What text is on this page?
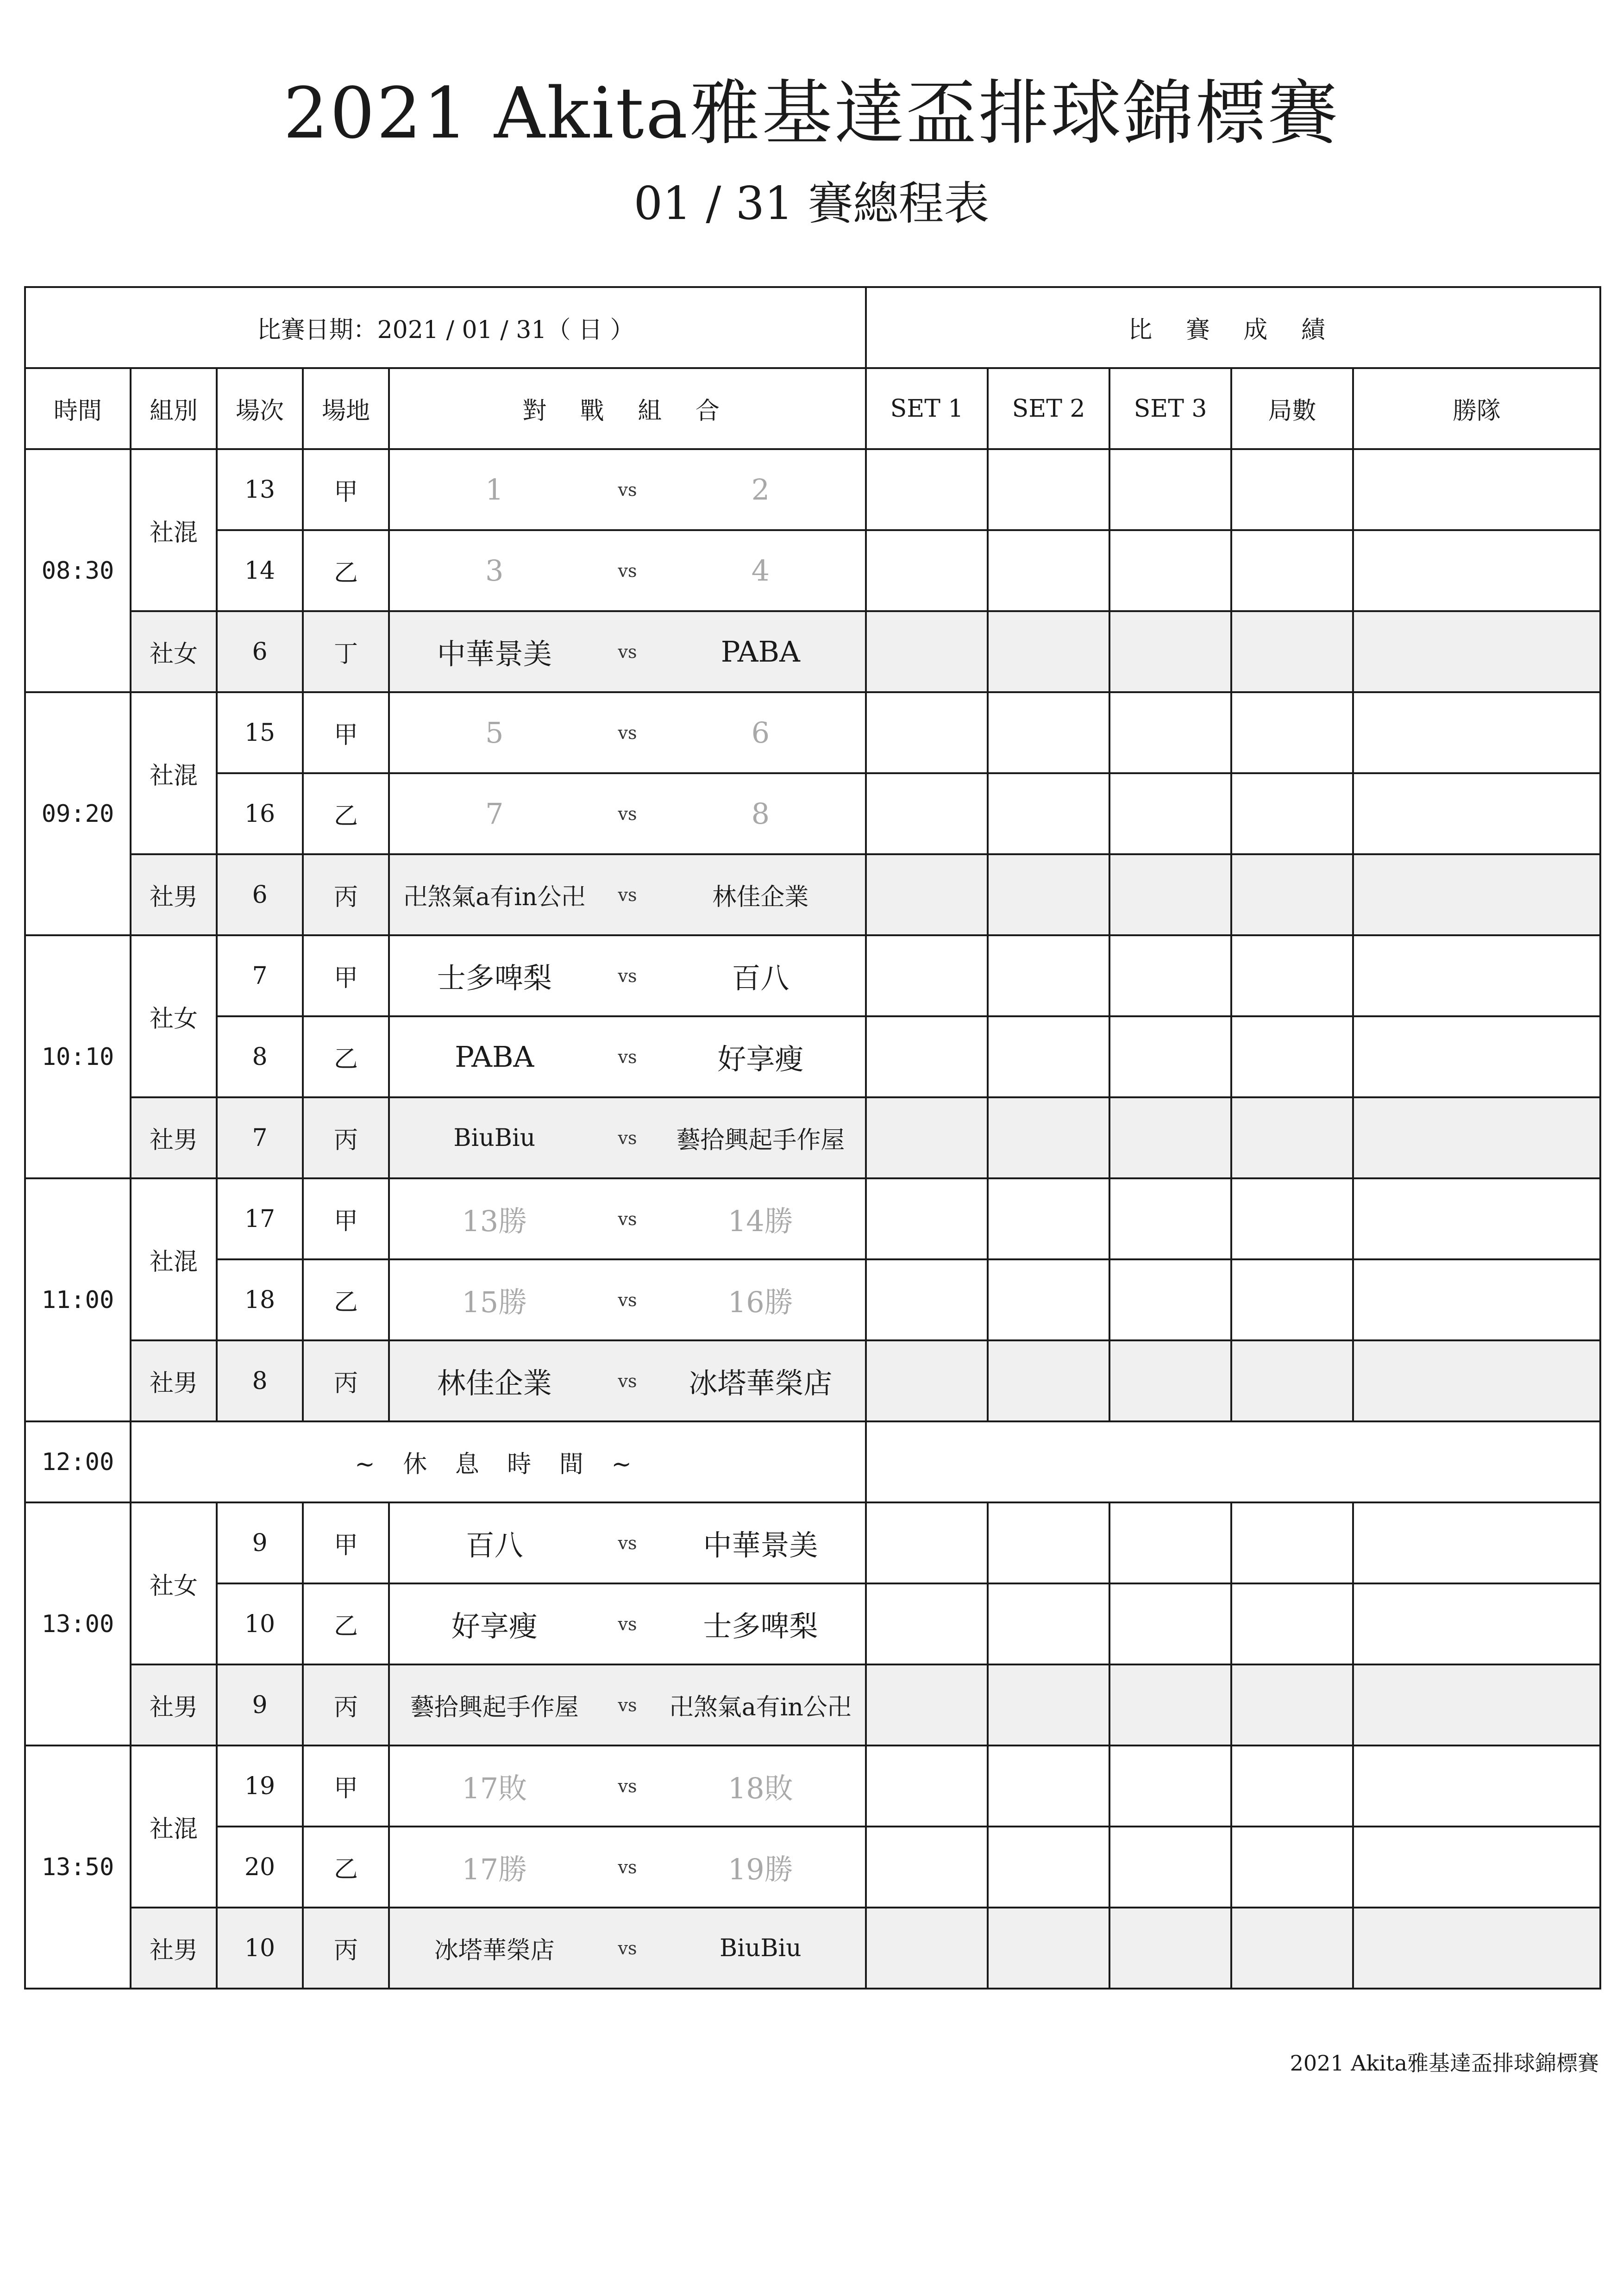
2021 Akita雅基達盃排球錦標賽
01 / 31 賽總程表
比賽日期：2021 / 01 / 31（ 日 ）					比 賽 成 績				
時間	組別	場次	場地	對 戰 組 合	SET 1	SET 2	SET 3	局數	勝隊
08:30	社混	13	甲	1 vs 2					
		14	乙	3 vs 4					
	社女	6	丁	中華景美 vs PABA					
09:20	社混	15	甲	5 vs 6					
		16	乙	7 vs 8					
	社男	6	丙	卍煞氣a有in公卍 vs 林佳企業					
10:10	社女	7	甲	士多啤梨 vs 百八					
		8	乙	PABA vs 好享瘦					
	社男	7	丙	BiuBiu vs 藝拾興起手作屋					
11:00	社混	17	甲	13勝 vs 14勝					
		18	乙	15勝 vs 16勝					
	社男	8	丙	林佳企業 vs 冰塔華榮店					
12:00	~ 休 息 時 間 ~								
13:00	社女	9	甲	百八 vs 中華景美					
		10	乙	好享瘦 vs 士多啤梨					
	社男	9	丙	藝拾興起手作屋 vs 卍煞氣a有in公卍					
13:50	社混	19	甲	17敗 vs 18敗					
		20	乙	17勝 vs 19勝					
	社男	10	丙	冰塔華榮店 vs BiuBiu					
2021 Akita雅基達盃排球錦標賽
